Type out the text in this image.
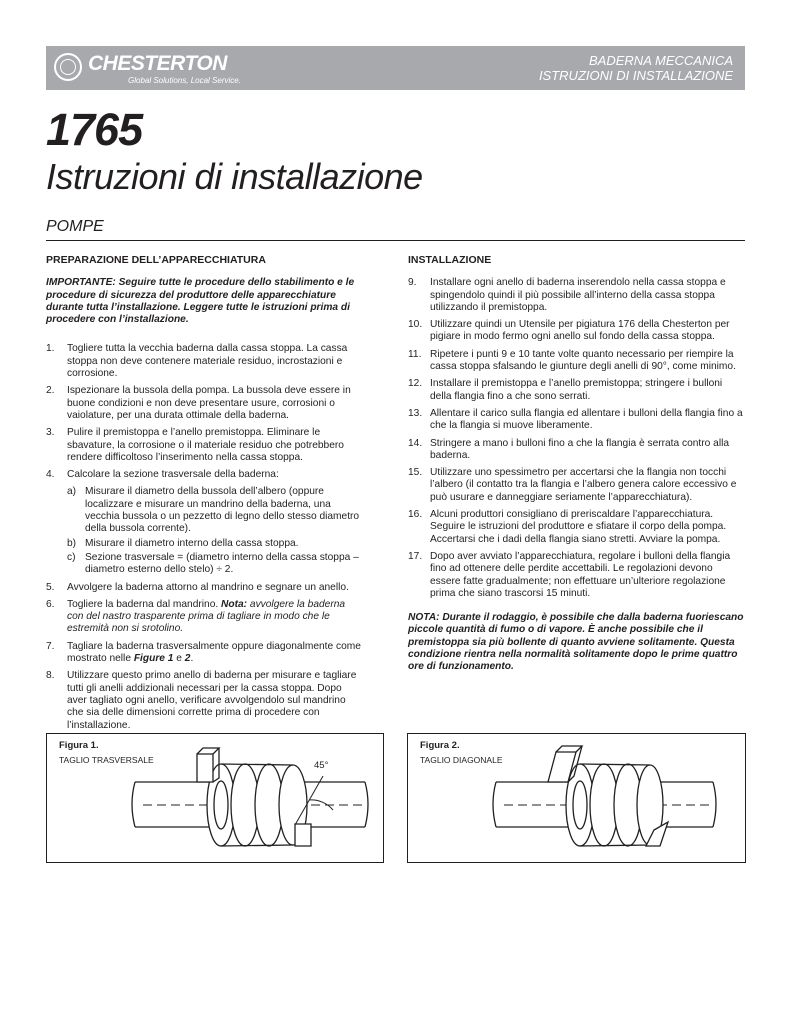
CHESTERTON
Global Solutions, Local Service.
BADERNA MECCANICA
ISTRUZIONI DI INSTALLAZIONE
1765
Istruzioni di installazione
POMPE
PREPARAZIONE DELL’APPARECCHIATURA

IMPORTANTE: Seguire tutte le procedure dello stabilimento e le procedure di sicurezza del produttore delle apparecchiature durante tutta l’installazione. Leggere tutte le istruzioni prima di procedere con l’installazione.

1. Togliere tutta la vecchia baderna dalla cassa stoppa. La cassa stoppa non deve contenere materiale residuo, incrostazioni e corrosione.
2. Ispezionare la bussola della pompa. La bussola deve essere in buone condizioni e non deve presentare usure, corrosioni o vaiolature, per una durata ottimale della baderna.
3. Pulire il premistoppa e l’anello premistoppa. Eliminare le sbavature, la corrosione o il materiale residuo che potrebbero rendere difficoltoso l’inserimento nella cassa stoppa.
4. Calcolare la sezione trasversale della baderna:
a) Misurare il diametro della bussola dell’albero (oppure localizzare e misurare un mandrino della baderna, una vecchia bussola o un pezzetto di legno dello stesso diametro della bussola corrente).
b) Misurare il diametro interno della cassa stoppa.
c) Sezione trasversale = (diametro interno della cassa stoppa – diametro esterno dello stelo) ÷ 2.
5. Avvolgere la baderna attorno al mandrino e segnare un anello.
6. Togliere la baderna dal mandrino. Nota: avvolgere la baderna con del nastro trasparente prima di tagliare in modo che le estremità non si srotolino.
7. Tagliare la baderna trasversalmente oppure diagonalmente come mostrato nelle Figure 1 e 2.
8. Utilizzare questo primo anello di baderna per misurare e tagliare tutti gli anelli addizionali necessari per la cassa stoppa. Dopo aver tagliato ogni anello, verificare avvolgendolo sul mandrino che sia delle dimensioni corrette prima di procedere con l’installazione.
INSTALLAZIONE
9. Installare ogni anello di baderna inserendolo nella cassa stoppa e spingendolo quindi il più possibile all’interno della cassa stoppa utilizzando il premistoppa.
10. Utilizzare quindi un Utensile per pigiatura 176 della Chesterton per pigiare in modo fermo ogni anello sul fondo della cassa stoppa.
11. Ripetere i punti 9 e 10 tante volte quanto necessario per riempire la cassa stoppa sfalsando le giunture degli anelli di 90°, come minimo.
12. Installare il premistoppa e l’anello premistoppa; stringere i bulloni della flangia fino a che sono serrati.
13. Allentare il carico sulla flangia ed allentare i bulloni della flangia fino a che la flangia si muove liberamente.
14. Stringere a mano i bulloni fino a che la flangia è serrata contro alla baderna.
15. Utilizzare uno spessimetro per accertarsi che la flangia non tocchi l’albero (il contatto tra la flangia e l’albero genera calore eccessivo e può usurare e danneggiare seriamente l’apparecchiatura).
16. Alcuni produttori consigliano di preriscaldare l’apparecchiatura. Seguire le istruzioni del produttore e sfiatare il corpo della pompa. Accertarsi che i dadi della flangia siano stretti. Avviare la pompa.
17. Dopo aver avviato l’apparecchiatura, regolare i bulloni della flangia fino ad ottenere delle perdite accettabili. Le regolazioni devono essere fatte gradualmente; non effettuare un’ulteriore regolazione prima che siano trascorsi 15 minuti.

NOTA: Durante il rodaggio, è possibile che dalla baderna fuoriescano piccole quantità di fumo o di vapore. È anche possibile che il premistoppa sia più bollente di quanto avviene solitamente. Questa condizione rientra nella normalità solitamente dopo le prime quattro ore di funzionamento.

Figura 1.
TAGLIO TRASVERSALE	45°
Figura 2.
TAGLIO DIAGONALE
